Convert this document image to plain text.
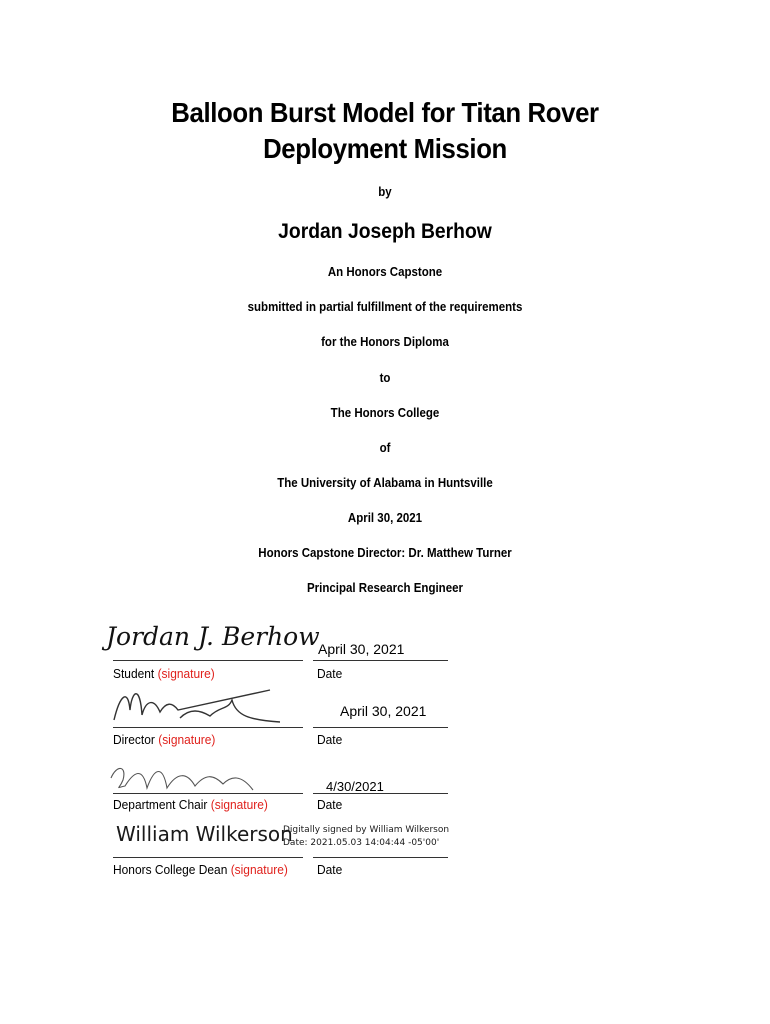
Balloon Burst Model for Titan Rover
Deployment Mission
by
Jordan Joseph Berhow
An Honors Capstone
submitted in partial fulfillment of the requirements
for the Honors Diploma
to
The Honors College
of
The University of Alabama in Huntsville
April 30, 2021
Honors Capstone Director: Dr. Matthew Turner
Principal Research Engineer
Jordan J. Berhow
April 30, 2021
Student (signature)	Date
April 30, 2021
Director (signature)	Date
4/30/2021
Department Chair (signature)	Date
William Wilkerson
Digitally signed by William Wilkerson
Date: 2021.05.03 14:04:44 -05'00'
Honors College Dean (signature) Date
